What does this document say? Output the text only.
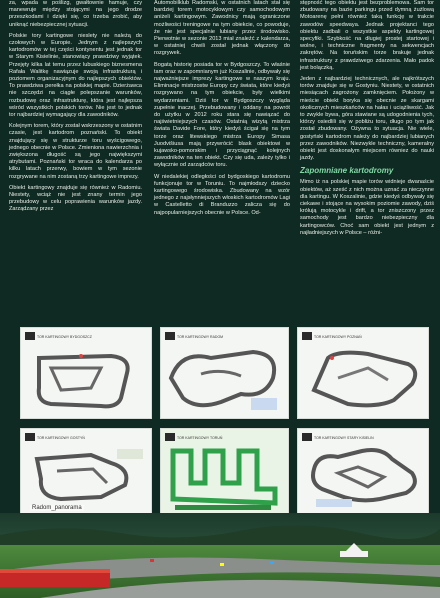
za, wpada w poślizg, gwałtownie hamuje, czy manewruje między stojącymi na jego drodze przeszkodami i dzięki się, co trzeba zrobić, aby uniknąć niebezpiecznej sytuacji.

Polskie tory kartingowe nieslety nie należą do czołowych w Europie. Jednym z najlepszych kartodromów w tej części kontynentu jest jednak tor w Starym Kisielinie, stanowiący prawdziwy wyjątek. Przejęty kilka lat temu przez lubuskiego biznesmena Rafała Walitkę nawiązuje swoją infrastrukturą i poziomem organizacyjnym do najlepszych obiektów. To prawdziwa perełka na polskiej mapie. Dzierżawca nie szczędzi na ciągłe polepszanie warunków, rozbudowę oraz infrastrukturę, która jest najlepsza wśród wszystkich polskich torów. Nie jest to jednak tor najbardziej wymagający dla zawodników.

Kolejnym torem, który został wskrzeszony w ostatnim czasie, jest kartodrom poznański. To obiekt znajdujący się w strukturze toru wyścigowego, jednego obecnie w Polsce. Zmieniona nawierzchnia i zwiększona długość są jego największymi atrybutami. Poznański tor wraca do kalendarza po kilku latach przerwy, bowiem w tym sezonie rozgrywane na nim zostaną trzy kartingowe imprezy.

Obiekt kartingowy znajduje się również w Radomiu. Niestety, wciąż nie jest znany termin jego przebudowy w celu poprawienia warunków jazdy. Zarządzany przez

Automobilklub Radomski, w ostatnich latach stał się bardziej torem motocyklowym czy samochodowym aniżeli kartingowym. Zawodnicy mają ograniczone możliwości treningowe na tym obiekcie, co powoduje, że nie jest specjalnie lubiany przez środowisko. Pierwotnie w sezonie 2013 miał znaleźć z kalendarza, w ostatniej chwili został jednak włączony do rozgrywek.

Bogatą historię posiada tor w Bydgoszczy. To właśnie tam oraz w zapomnianym już Koszalinie, odbywały się najważniejsze imprezy kartingowe w naszym kraju. Eliminacje mistrzostw Europy czy świata, które kiedyś rozgrywano na tym obiekcie, były wielkimi wydarzeniami. Dziś tor w Bydgoszczy wygląda zupełnie inaczej. Przebudowany i oddany na powrót do użytku w 2012 roku stara się nawiązać do najświetniejszych czasów. Ostatnią wizytą mistrza świata Davide Fore, który kiedyś ścigał się na tym torze oraz litewskiego mistrza Europy Simasa Juodvišiusa mają przywrócić blask obiektowi w kujawsko-pomorskim i przyciągnąć kolejnych zawodników na ten obiekt. Czy się uda, zależy tylko i wyłącznie od zarządców toru.

W niedalekiej odległości od bydgoskiego kartodromu funkcjonuje tor w Toruniu. To najmłodszy dziecko kartingowego środowiska. Zbudowany na wzór jednego z najsłynniejszych włoskich kartodromów Lagi w Castelletto di Branduzzo zalicza się do najpopularniejszych obecnie w Polsce. Od-

stępność tego obiektu jest bezproblemowa. Sam tor zbudowany na bazie parkingu przed dymną żużlową Motoarenę pełni również taką funkcję w trakcie zawodów speedwaya. Jednak projektanci tego obiektu zadbali o wszystkie aspekty kartingowej specyfiki. Szybkość na długiej prostej startowej i wolne, i techniczne fragmenty na sekwencjach zakrętów. Na toruńskim torze brakuje jednak infrastruktury z prawdziwego zdarzenia. Mało padok jest bolączką.

Jeden z najbardziej technicznych, ale najkrótszych torów znajduje się w Gostyniu. Niestety, w ostatnich miesiącach zagrożony zamknięciem. Położony w mieście obiekt boryka się obecnie ze skargami okolicznych mieszkańców na hałas i uciążliwość. Jak to zwykle bywa, góra stawiane są udogodnienia tych, którzy osiedlili się w pobliżu toru, długo po tym jak został zbudowany. Ożywna to sytuacja. Nie wiele, gostyński kartodrom należy do najbardziej lubianych przez zawodników. Niezwykle techniczny, kameralny obiekt jest doskonałym miejscem równiez do nauki jazdy.

Zapomniane kartodromy

Mimo iż na polskiej mapie torów widnieje dwanaście obiektów, aż sześć z nich można uznać za nieczynne dla kartingu. W Koszalinie, gdzie kiedyś odbywały się ciekawe i stojące na wysokim poziomie zawody, dziś królują motocykle i drift, a tor zniszczony przez samochody jest bardzo niebezpieczny dla kartingowców. Choć sam obiekt jest jednym z najładniejszych w Polsce – róźni-

TOR KARTINGOWY BYDGOSZCZ	TOR KARTINGOWY RADOM	TOR KARTINGOWY POZNAŃ
TOR KARTINGOWY GOSTYŃ	TOR KARTINGOWY TORUŃ	TOR KARTINGOWY STARY KISIELIN
Radom_panorama
